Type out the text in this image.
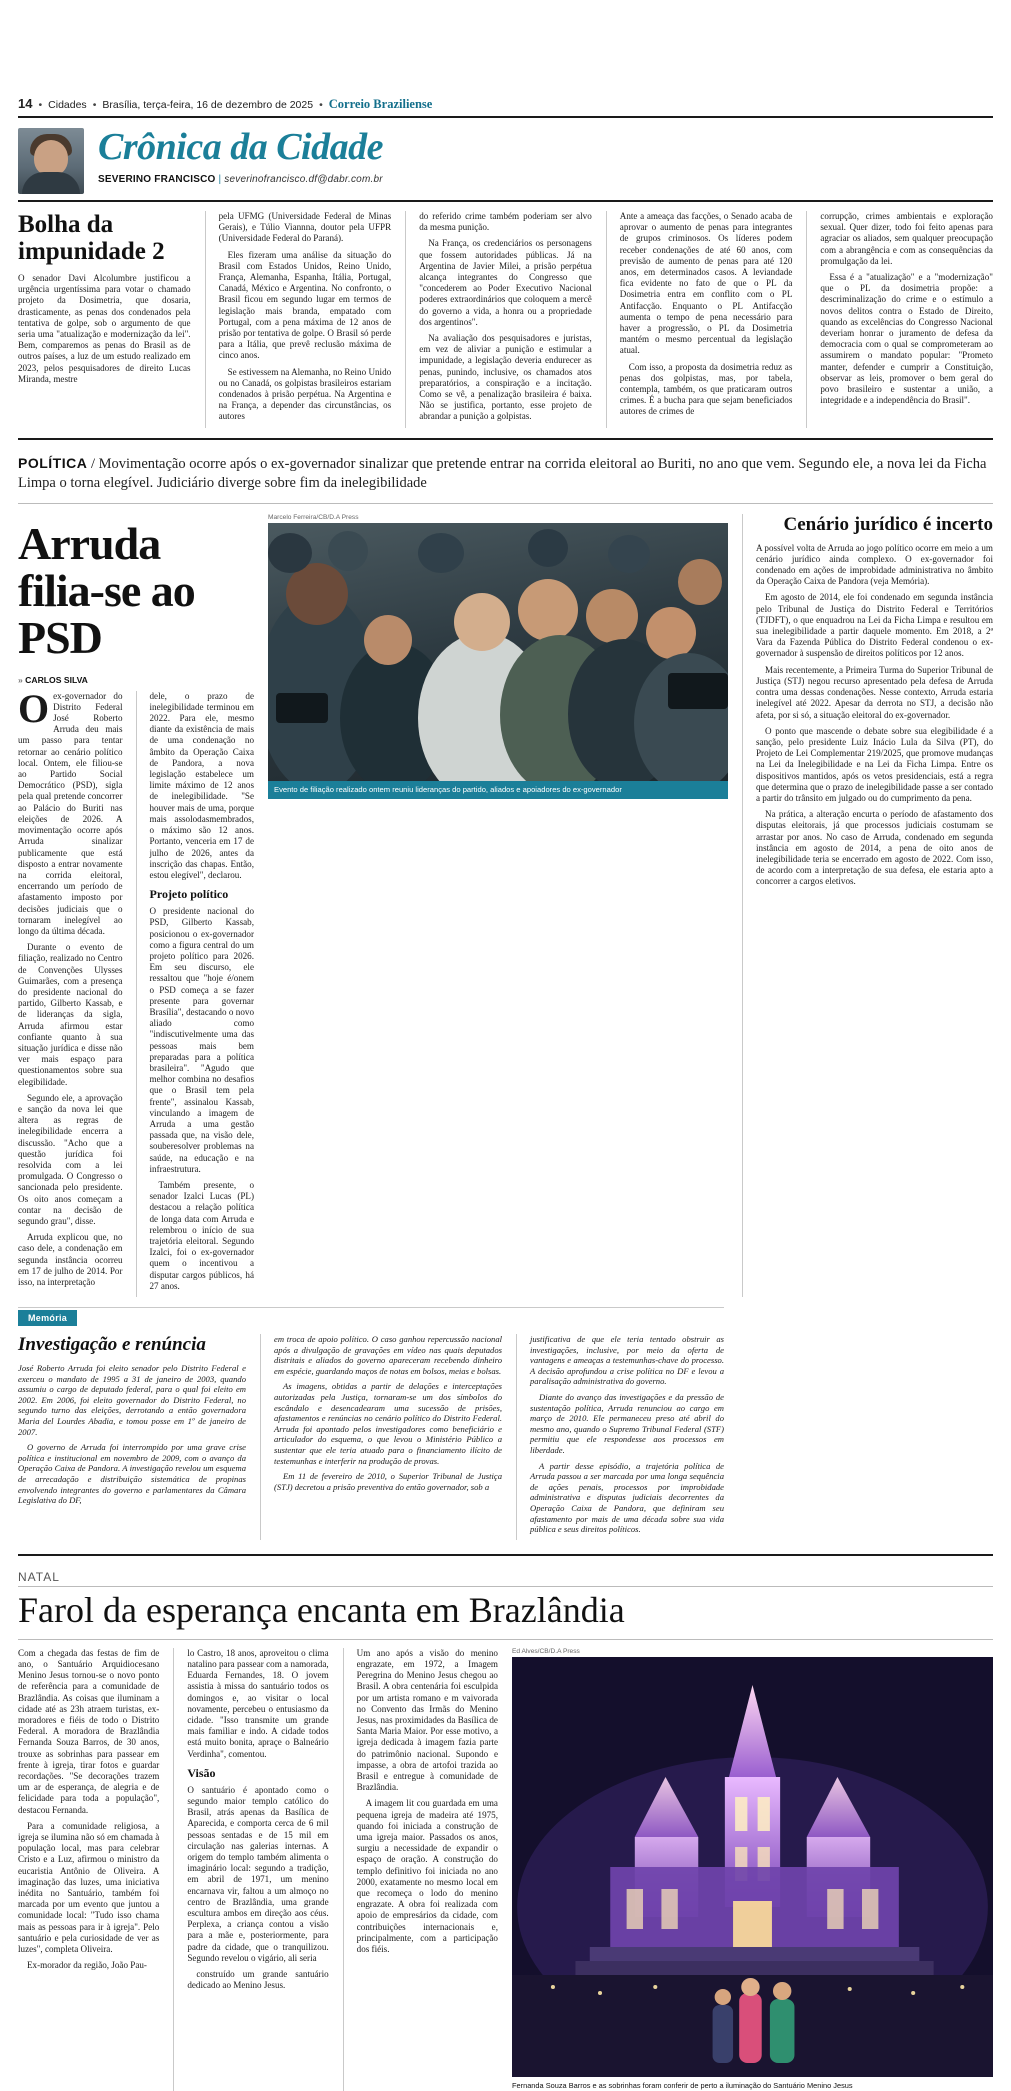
14 • Cidades • Brasília, terça-feira, 16 de dezembro de 2025 • Correio Braziliense
Crônica da Cidade
SEVERINO FRANCISCO | severinofrancisco.df@dabr.com.br
Bolha da impunidade 2

O senador Davi Alcolumbre justificou a urgência urgentíssima para votar o chamado projeto da Dosimetria, que dosaria, drasticamente, as penas dos condenados pela tentativa de golpe, sob o argumento de que seria uma "atualização e modernização da lei". Bem, comparemos as penas do Brasil as de outros países, a luz de um estudo realizado em 2023, pelos pesquisadores de direito Lucas Miranda, mestre

pela UFMG (Universidade Federal de Minas Gerais), e Túlio Viannna, doutor pela UFPR (Universidade Federal do Paraná).

Eles fizeram uma análise da situação do Brasil com Estados Unidos, Reino Unido, França, Alemanha, Espanha, Itália, Portugal, Canadá, México e Argentina. No confronto, o Brasil ficou em segundo lugar em termos de legislação mais branda, empatado com Portugal, com a pena máxima de 12 anos de prisão por tentativa de golpe. O Brasil só perde para a Itália, que prevê reclusão máxima de cinco anos.

Se estivessem na Alemanha, no Reino Unido ou no Canadá, os golpistas brasileiros estariam condenados à prisão perpétua. Na Argentina e na França, a depender das circunstâncias, os autores

do referido crime também poderiam ser alvo da mesma punição.

Na França, os credenciários os personagens que fossem autoridades públicas. Já na Argentina de Javier Milei, a prisão perpétua alcança integrantes do Congresso que "concederem ao Poder Executivo Nacional poderes extraordinários que coloquem a mercê do governo a vida, a honra ou a propriedade dos argentinos".

Na avaliação dos pesquisadores e juristas, em vez de aliviar a punição e estimular a impunidade, a legislação deveria endurecer as penas, punindo, inclusive, os chamados atos preparatórios, a conspiração e a incitação. Como se vê, a penalização brasileira é baixa. Não se justifica, portanto, esse projeto de abrandar a punição a golpistas.

Ante a ameaça das facções, o Senado acaba de aprovar o aumento de penas para integrantes de grupos criminosos. Os líderes podem receber condenações de até 60 anos, com previsão de aumento de penas para até 120 anos, em determinados casos. A leviandade fica evidente no fato de que o PL da Dosimetria entra em conflito com o PL Antifacção. Enquanto o PL Antifacção aumenta o tempo de pena necessário para haver a progressão, o PL da Dosimetria mantém o mesmo percentual da legislação atual.

Com isso, a proposta da dosimetria reduz as penas dos golpistas, mas, por tabela, contempla, também, os que praticaram outros crimes. É a bucha para que sejam beneficiados autores de crimes de

corrupção, crimes ambientais e exploração sexual. Quer dizer, todo foi feito apenas para agraciar os aliados, sem qualquer preocupação com a abrangência e com as consequências da promulgação da lei.

Essa é a "atualização" e a "modernização" que o PL da dosimetria propõe: a descriminalização do crime e o estímulo a novos delitos contra o Estado de Direito, quando as excelências do Congresso Nacional deveriam honrar o juramento de defesa da democracia com o qual se comprometeram ao assumirem o mandato popular: "Prometo manter, defender e cumprir a Constituição, observar as leis, promover o bem geral do povo brasileiro e sustentar a união, a integridade e a independência do Brasil".

POLÍTICA / Movimentação ocorre após o ex-governador sinalizar que pretende entrar na corrida eleitoral ao Buriti, no ano que vem. Segundo ele, a nova lei da Ficha Limpa o torna elegível. Judiciário diverge sobre fim da inelegibilidade
Arruda filia-se ao PSD
» CARLOS SILVA

Oex-governador do Distrito Federal José Roberto Arruda deu mais um passo para tentar retornar ao cenário político local. Ontem, ele filiou-se ao Partido Social Democrático (PSD), sigla pela qual pretende concorrer ao Palácio do Buriti nas eleições de 2026. A movimentação ocorre após Arruda sinalizar publicamente que está disposto a entrar novamente na corrida eleitoral, encerrando um período de afastamento imposto por decisões judiciais que o tornaram inelegível ao longo da última década.

Durante o evento de filiação, realizado no Centro de Convenções Ulysses Guimarães, com a presença do presidente nacional do partido, Gilberto Kassab, e de lideranças da sigla, Arruda afirmou estar confiante quanto à sua situação jurídica e disse não ver mais espaço para questionamentos sobre sua elegibilidade.

Segundo ele, a aprovação e sanção da nova lei que altera as regras de inelegibilidade encerra a discussão. "Acho que a questão jurídica foi resolvida com a lei promulgada. O Congresso o sancionada pelo presidente. Os oito anos começam a contar na decisão de segundo grau", disse.

Arruda explicou que, no caso dele, a condenação em segunda instância ocorreu em 17 de julho de 2014. Por isso, na interpretação

dele, o prazo de inelegibilidade terminou em 2022. Para ele, mesmo diante da existência de mais de uma condenação no âmbito da Operação Caixa de Pandora, a nova legislação estabelece um limite máximo de 12 anos de inelegibilidade. "Se houver mais de uma, porque mais assolodasmembrados, o máximo são 12 anos. Portanto, venceria em 17 de julho de 2026, antes da inscrição das chapas. Então, estou elegível", declarou.

Projeto político

O presidente nacional do PSD, Gilberto Kassab, posicionou o ex-governador como a figura central do um projeto político para 2026. Em seu discurso, ele ressaltou que "hoje é/onem o PSD começa a se fazer presente para governar Brasília", destacando o novo aliado como "indiscutivelmente uma das pessoas mais bem preparadas para a política brasileira". "Agudo que melhor combina no desafios que o Brasil tem pela frente", assinalou Kassab, vinculando a imagem de Arruda a uma gestão passada que, na visão dele, souberesolver problemas na saúde, na educação e na infraestrutura.

Também presente, o senador Izalci Lucas (PL) destacou a relação política de longa data com Arruda e relembrou o início de sua trajetória eleitoral. Segundo Izalci, foi o ex-governador quem o incentivou a disputar cargos públicos, há 27 anos.

Marcelo Ferreira/CB/D.A Press
Evento de filiação realizado ontem reuniu lideranças do partido, aliados e apoiadores do ex-governador
Cenário jurídico é incerto

A possível volta de Arruda ao jogo político ocorre em meio a um cenário jurídico ainda complexo. O ex-governador foi condenado em ações de improbidade administrativa no âmbito da Operação Caixa de Pandora (veja Memória).

Em agosto de 2014, ele foi condenado em segunda instância pelo Tribunal de Justiça do Distrito Federal e Territórios (TJDFT), o que enquadrou na Lei da Ficha Limpa e resultou em sua inelegibilidade a partir daquele momento. Em 2018, a 2ª Vara da Fazenda Pública do Distrito Federal condenou o ex-governador à suspensão de direitos políticos por 12 anos.

Mais recentemente, a Primeira Turma do Superior Tribunal de Justiça (STJ) negou recurso apresentado pela defesa de Arruda contra uma dessas condenações. Nesse contexto, Arruda estaria inelegível até 2022. Apesar da derrota no STJ, a decisão não afeta, por si só, a situação eleitoral do ex-governador.

O ponto que mascende o debate sobre sua elegibilidade é a sanção, pelo presidente Luiz Inácio Lula da Silva (PT), do Projeto de Lei Complementar 219/2025, que promove mudanças na Lei da Inelegibilidade e na Lei da Ficha Limpa. Entre os dispositivos mantidos, após os vetos presidenciais, está a regra que determina que o prazo de inelegibilidade passe a ser contado a partir do trânsito em julgado ou do cumprimento da pena.

Na prática, a alteração encurta o período de afastamento dos disputas eleitorais, já que processos judiciais costumam se arrastar por anos. No caso de Arruda, condenado em segunda instância em agosto de 2014, a pena de oito anos de inelegibilidade teria se encerrado em agosto de 2022. Com isso, de acordo com a interpretação de sua defesa, ele estaria apto a concorrer a cargos eletivos.

Memória
Investigação e renúncia

José Roberto Arruda foi eleito senador pelo Distrito Federal e exerceu o mandato de 1995 a 31 de janeiro de 2003, quando assumiu o cargo de deputado federal, para o qual foi eleito em 2002. Em 2006, foi eleito governador do Distrito Federal, no segundo turno das eleições, derrotando a então governadora Maria del Lourdes Abadia, e tomou posse em 1º de janeiro de 2007.

O governo de Arruda foi interrompido por uma grave crise política e institucional em novembro de 2009, com o avanço da Operação Caixa de Pandora. A investigação revelou um esquema de arrecadação e distribuição sistemática de propinas envolvendo integrantes do governo e parlamentares da Câmara Legislativa do DF,

em troca de apoio político. O caso ganhou repercussão nacional após a divulgação de gravações em vídeo nas quais deputados distritais e aliados do governo apareceram recebendo dinheiro em espécie, guardando maços de notas em bolsos, meias e bolsas.

As imagens, obtidas a partir de delações e interceptações autorizadas pela Justiça, tornaram-se um dos símbolos do escândalo e desencadearam uma sucessão de prisões, afastamentos e renúncias no cenário político do Distrito Federal. Arruda foi apontado pelos investigadores como beneficiário e articulador do esquema, o que levou o Ministério Público a sustentar que ele teria atuado para o financiamento ilícito de testemunhas e interferir na produção de provas.

Em 11 de fevereiro de 2010, o Superior Tribunal de Justiça (STJ) decretou a prisão preventiva do então governador, sob a

justificativa de que ele teria tentado obstruir as investigações, inclusive, por meio da oferta de vantagens e ameaças a testemunhas-chave do processo. A decisão aprofundou a crise política no DF e levou a paralisação administrativa do governo.

Diante do avanço das investigações e da pressão de sustentação política, Arruda renunciou ao cargo em março de 2010. Ele permaneceu preso até abril do mesmo ano, quando o Supremo Tribunal Federal (STF) permitiu que ele respondesse aos processos em liberdade.

A partir desse episódio, a trajetória política de Arruda passou a ser marcada por uma longa sequência de ações penais, processos por improbidade administrativa e disputas judiciais decorrentes da Operação Caixa de Pandora, que definiram seu afastamento por mais de uma década sobre sua vida pública e seus direitos políticos.

NATAL
Farol da esperança encanta em Brazlândia

Com a chegada das festas de fim de ano, o Santuário Arquidiocesano Menino Jesus tornou-se o novo ponto de referência para a comunidade de Brazlândia. As coisas que iluminam a cidade até as 23h atraem turistas, ex-moradores e fiéis de todo o Distrito Federal. A moradora de Brazlândia Fernanda Souza Barros, de 30 anos, trouxe as sobrinhas para passear em frente à igreja, tirar fotos e guardar recordações. "Se decorações trazem um ar de esperança, de alegria e de felicidade para toda a população", destacou Fernanda.

Para a comunidade religiosa, a igreja se ilumina não só em chamada à população local, mas para celebrar Cristo e a Luz, afirmou o ministro da eucaristia Antônio de Oliveira. A imaginação das luzes, uma iniciativa inédita no Santuário, também foi marcada por um evento que juntou a comunidade local: "Tudo isso chama mais as pessoas para ir à igreja". Pelo santuário e pela curiosidade de ver as luzes", completa Oliveira.

Ex-morador da região, João Pau-

lo Castro, 18 anos, aproveitou o clima natalino para passear com a namorada, Eduarda Fernandes, 18. O jovem assistia à missa do santuário todos os domingos e, ao visitar o local novamente, percebeu o entusiasmo da cidade. "Isso transmite um grande mais familiar e indo. A cidade todos está muito bonita, apraçe o Balneário Verdinha", comentou.

Visão

O santuário é apontado como o segundo maior templo católico do Brasil, atrás apenas da Basílica de Aparecida, e comporta cerca de 6 mil pessoas sentadas e de 15 mil em circulação nas galerias internas. A origem do templo também alimenta o imaginário local: segundo a tradição, em abril de 1971, um menino encarnava vir, faltou a um almoço no centro de Brazlândia, uma grande escultura ambos em direção aos céus. Perplexa, a criança contou a visão para a mãe e, posteriormente, para padre da cidade, que o tranquilizou. Segundo revelou o vigário, ali seria

construído um grande santuário dedicado ao Menino Jesus.

Um ano após a visão do menino engrazate, em 1972, a Imagem Peregrina do Menino Jesus chegou ao Brasil. A obra centenária foi esculpida por um artista romano e m vaivorada no Convento das Irmãs do Menino Jesus, nas proximidades da Basílica de Santa Maria Maior. Por esse motivo, a igreja dedicada à imagem fazia parte do patrimônio nacional. Supondo e impasse, a obra de artofoi trazida ao Brasil e entregue à comunidade de Brazlândia.

A imagem lit cou guardada em uma pequena igreja de madeira até 1975, quando foi iniciada a construção de uma igreja maior. Passados os anos, surgiu a necessidade de expandir o espaço de oração. A construção do templo definitivo foi iniciada no ano 2000, exatamente no mesmo local em que recomeça o lodo do menino engrazate. A obra foi realizada com apoio de empresários da cidade, com contribuições internacionais e, principalmente, com a participação dos fiéis.

Ed Alves/CB/D.A Press
Fernanda Souza Barros e as sobrinhas foram conferir de perto a iluminação do Santuário Menino Jesus
